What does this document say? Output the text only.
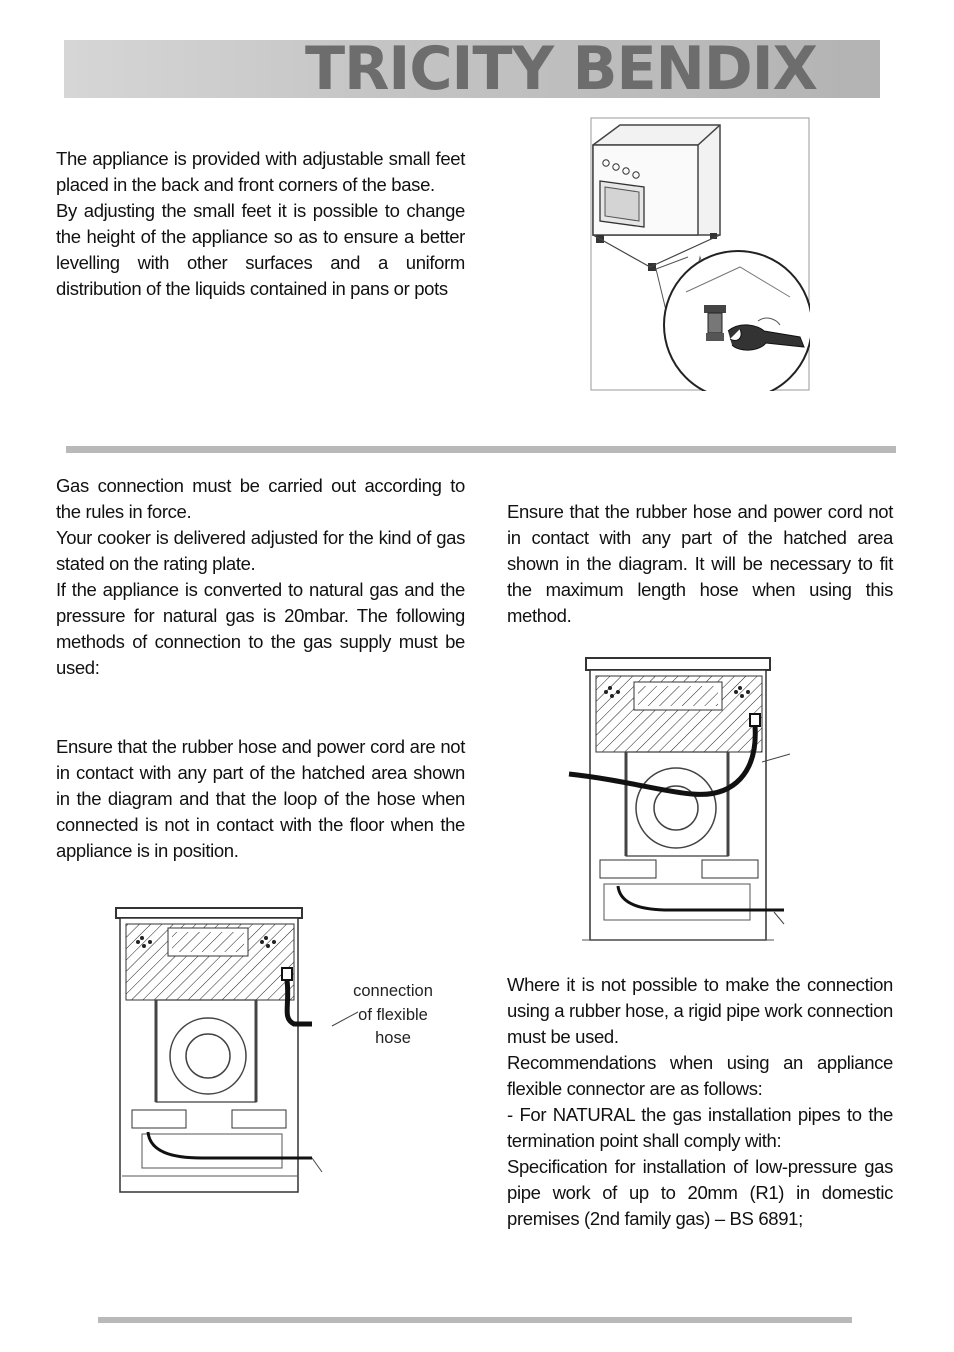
TRICITY BENDIX
The appliance is provided with adjustable small feet placed in the back and front corners of the base.
By adjusting the small feet it is possible to change the height of the appliance so as to ensure a better levelling with other surfaces and a uniform distribution of the liquids contained in pans or pots
Gas connection must be carried out according to the rules in force.
Your cooker is delivered adjusted for the kind of gas stated on the rating plate.
If the appliance is converted to natural gas and the pressure for natural gas is 20mbar. The following methods of connection to the gas supply must be used:
Ensure that the rubber hose and power cord are not in contact with any part of the hatched area shown in the diagram and that the loop of the hose when connected is not in contact with the floor when the appliance is in position.
Ensure that the rubber hose and power cord not in contact with any part of the hatched area shown in the diagram. It will be necessary to fit the maximum length hose when using this method.
connection
of flexible
hose
Where it is not possible to make the connection using a rubber hose, a rigid pipe work connection must be used.
Recommendations when using an appliance flexible connector are as follows:
- For NATURAL the gas installation pipes to the termination point shall comply with:
Specification for installation of low-pressure gas pipe work of up to 20mm (R1) in domestic premises (2nd family gas) – BS 6891;
